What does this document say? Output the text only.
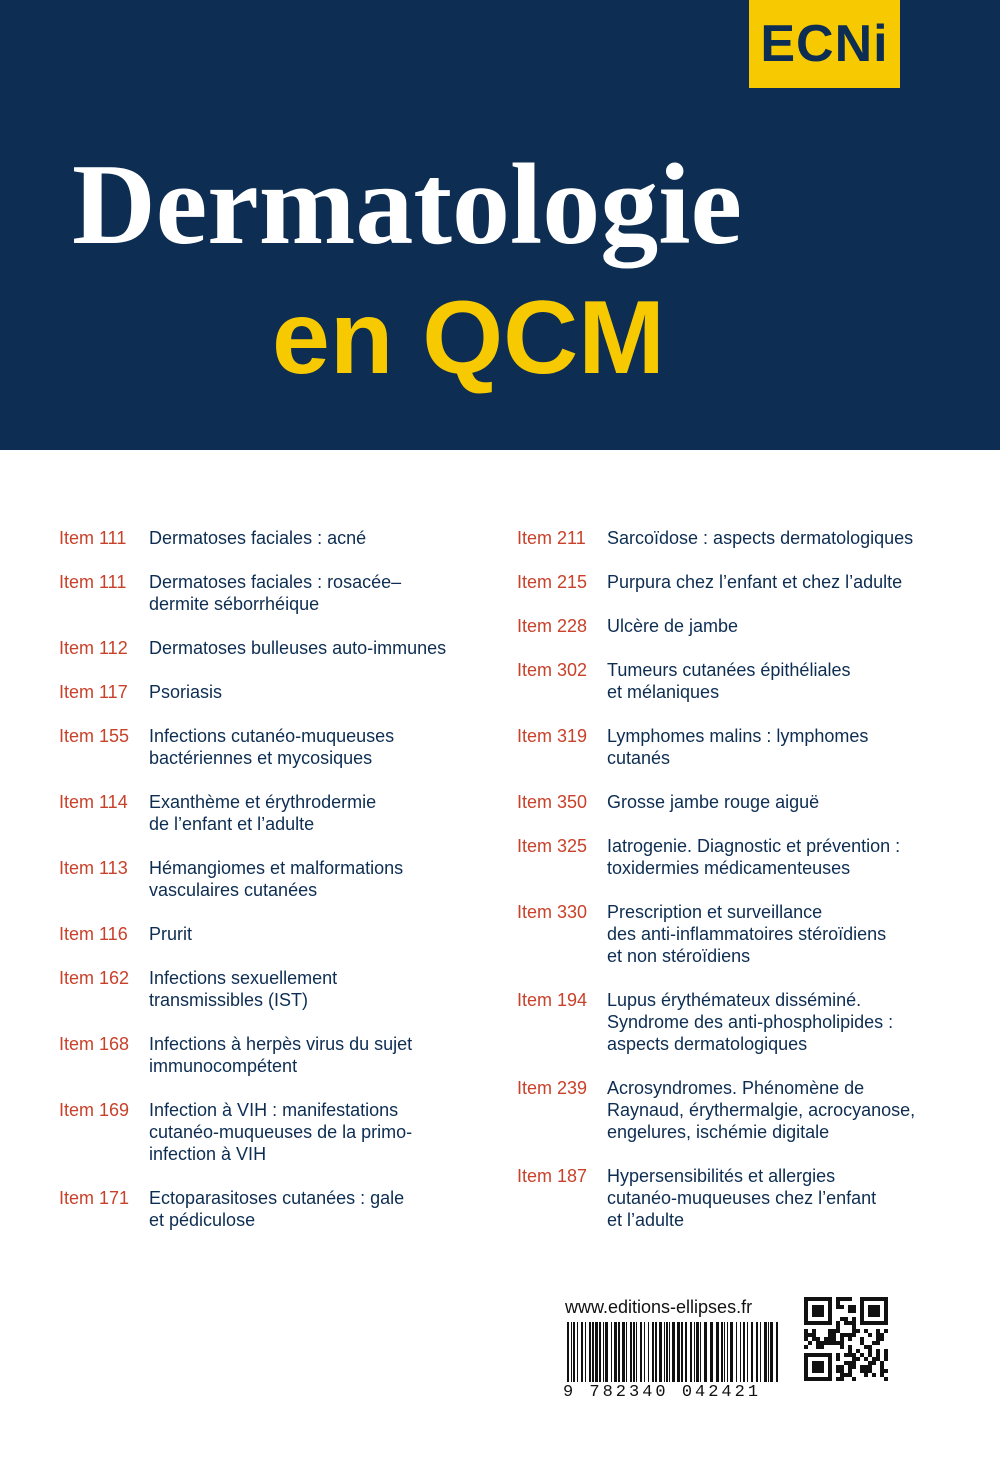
ECNi
Dermatologie
en QCM
Item 111	Dermatoses faciales : acné
Item 111	Dermatoses faciales : rosacée–
dermite séborrhéique
Item 112	Dermatoses bulleuses auto-immunes
Item 117	Psoriasis
Item 155	Infections cutanéo-muqueuses
bactériennes et mycosiques
Item 114	Exanthème et érythrodermie
de l’enfant et l’adulte
Item 113	Hémangiomes et malformations
vasculaires cutanées
Item 116	Prurit
Item 162	Infections sexuellement
transmissibles (IST)
Item 168	Infections à herpès virus du sujet
immunocompétent
Item 169	Infection à VIH : manifestations
cutanéo-muqueuses de la primo-
infection à VIH
Item 171	Ectoparasitoses cutanées : gale
et pédiculose
Item 211	Sarcoïdose : aspects dermatologiques
Item 215	Purpura chez l’enfant et chez l’adulte
Item 228	Ulcère de jambe
Item 302	Tumeurs cutanées épithéliales
et mélaniques
Item 319	Lymphomes malins : lymphomes
cutanés
Item 350	Grosse jambe rouge aiguë
Item 325	Iatrogenie. Diagnostic et prévention :
toxidermies médicamenteuses
Item 330	Prescription et surveillance
des anti-inflammatoires stéroïdiens
et non stéroïdiens
Item 194	Lupus érythémateux disséminé.
Syndrome des anti-phospholipides :
aspects dermatologiques
Item 239	Acrosyndromes. Phénomène de
Raynaud, érythermalgie, acrocyanose,
engelures, ischémie digitale
Item 187	Hypersensibilités et allergies
cutanéo-muqueuses chez l’enfant
et l’adulte
www.editions-ellipses.fr
9 782340 042421
